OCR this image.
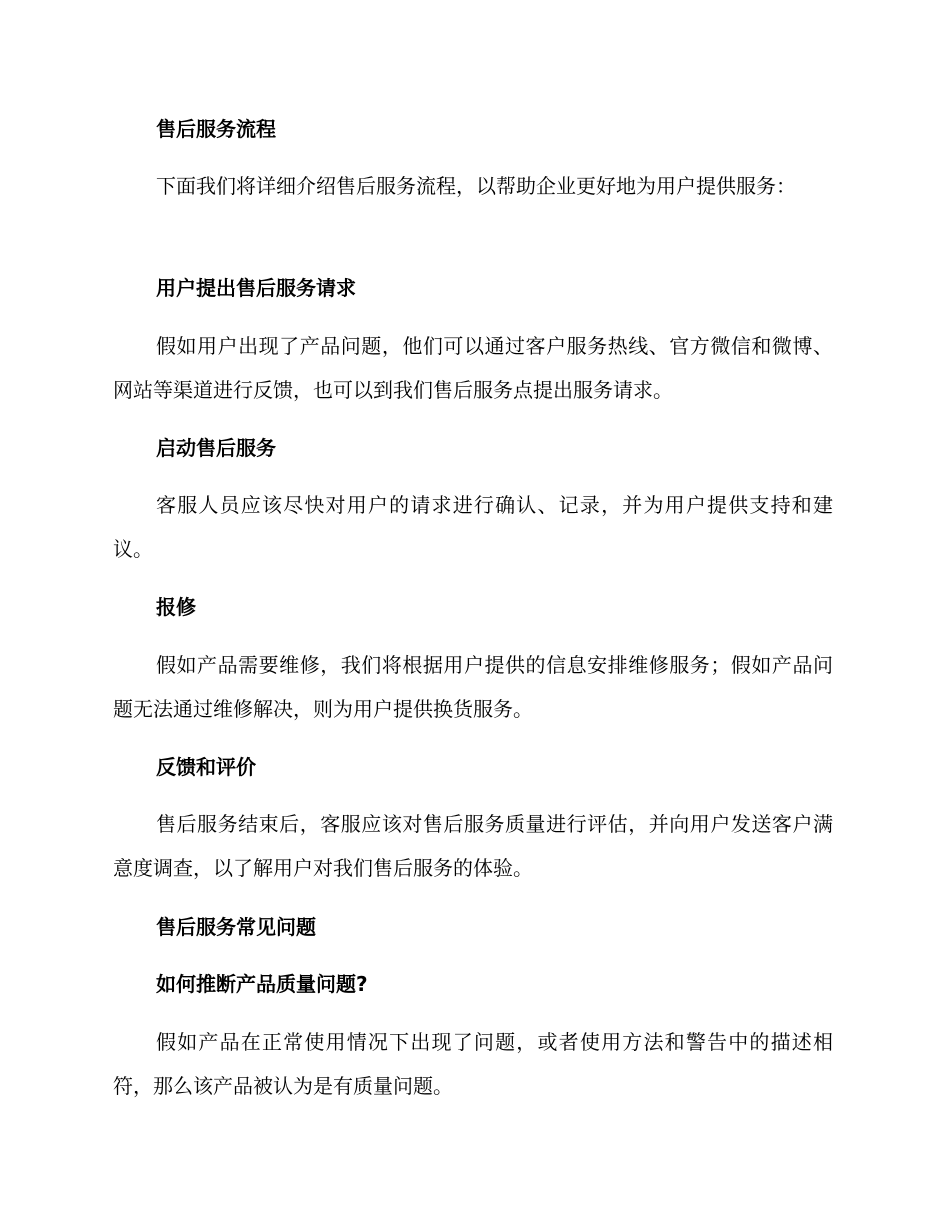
售后服务流程
下面我们将详细介绍售后服务流程，以帮助企业更好地为用户提供服务：
用户提出售后服务请求
假如用户出现了产品问题，他们可以通过客户服务热线、官方微信和微博、网站等渠道进行反馈，也可以到我们售后服务点提出服务请求。
启动售后服务
客服人员应该尽快对用户的请求进行确认、记录，并为用户提供支持和建议。
报修
假如产品需要维修，我们将根据用户提供的信息安排维修服务；假如产品问题无法通过维修解决，则为用户提供换货服务。
反馈和评价
售后服务结束后，客服应该对售后服务质量进行评估，并向用户发送客户满意度调查，以了解用户对我们售后服务的体验。
售后服务常见问题
如何推断产品质量问题?
假如产品在正常使用情况下出现了问题，或者使用方法和警告中的描述相符，那么该产品被认为是有质量问题。
